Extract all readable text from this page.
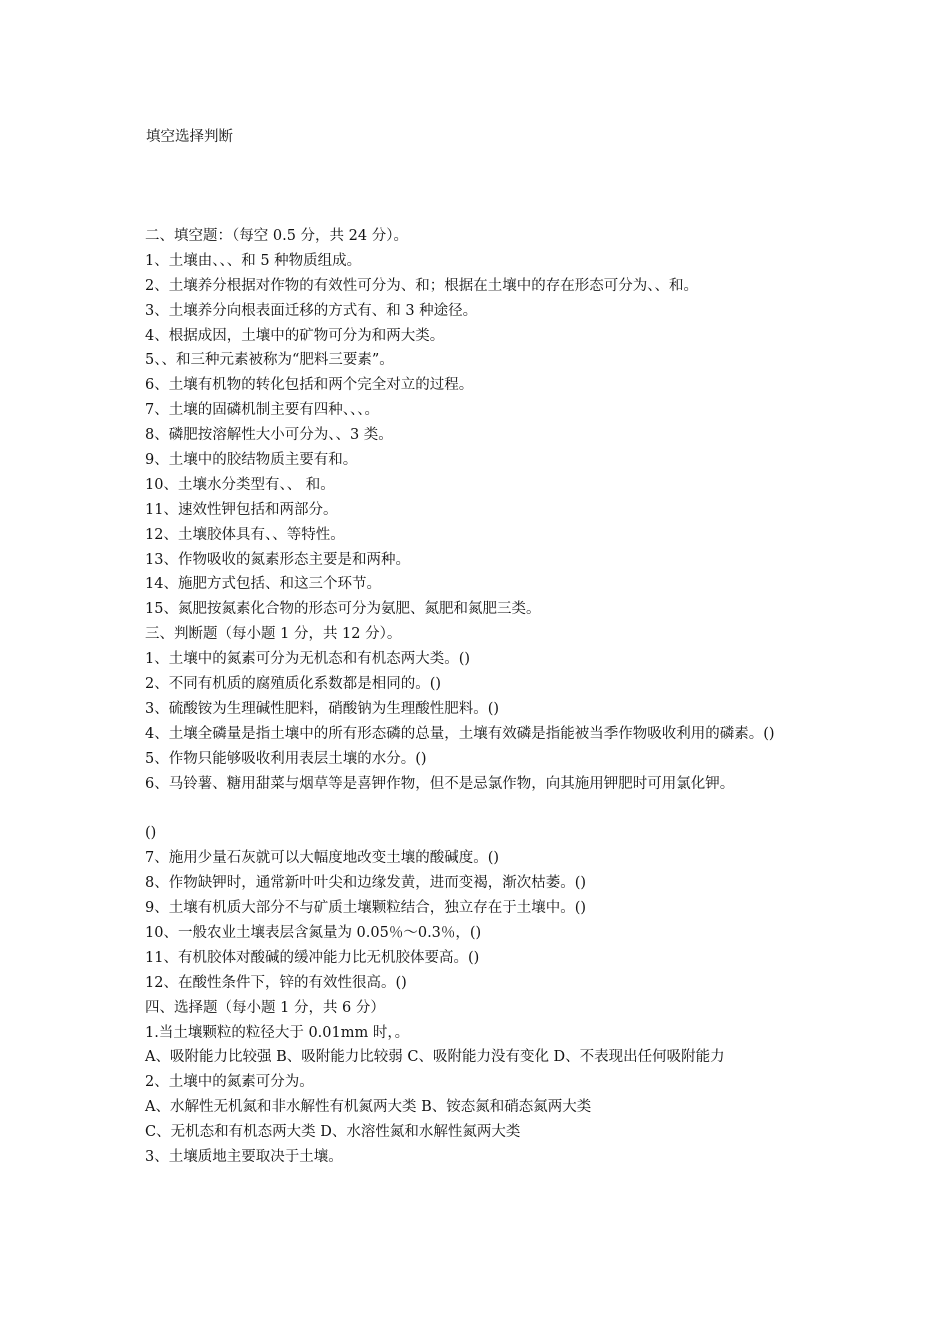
填空选择判断
二、填空题：（每空 0.5 分，共 24 分）。
1、土壤由、、、和 5 种物质组成。
2、土壤养分根据对作物的有效性可分为、和；根据在土壤中的存在形态可分为、、和。
3、土壤养分向根表面迁移的方式有、和 3 种途径。
4、根据成因，土壤中的矿物可分为和两大类。
5、、和三种元素被称为“肥料三要素”。
6、土壤有机物的转化包括和两个完全对立的过程。
7、土壤的固磷机制主要有四种、、、。
8、磷肥按溶解性大小可分为、、3 类。
9、土壤中的胶结物质主要有和。
10、土壤水分类型有、、 和。
11、速效性钾包括和两部分。
12、土壤胶体具有、、等特性。
13、作物吸收的氮素形态主要是和两种。
14、施肥方式包括、和这三个环节。
15、氮肥按氮素化合物的形态可分为氨肥、氮肥和氮肥三类。
三、判断题（每小题 1 分，共 12 分）。
1、土壤中的氮素可分为无机态和有机态两大类。()
2、不同有机质的腐殖质化系数都是相同的。()
3、硫酸铵为生理碱性肥料，硝酸钠为生理酸性肥料。()
4、土壤全磷量是指土壤中的所有形态磷的总量，土壤有效磷是指能被当季作物吸收利用的磷素。()
5、作物只能够吸收利用表层土壤的水分。()
6、马铃薯、糖用甜菜与烟草等是喜钾作物，但不是忌氯作物，向其施用钾肥时可用氯化钾。
()
7、施用少量石灰就可以大幅度地改变土壤的酸碱度。()
8、作物缺钾时，通常新叶叶尖和边缘发黄，进而变褐，渐次枯萎。()
9、土壤有机质大部分不与矿质土壤颗粒结合，独立存在于土壤中。()
10、一般农业土壤表层含氮量为 0.05％～0.3％，()
11、有机胶体对酸碱的缓冲能力比无机胶体要高。()
12、在酸性条件下，锌的有效性很高。()
四、选择题（每小题 1 分，共 6 分）
1.当土壤颗粒的粒径大于 0.01mm 时，。
A、吸附能力比较强 B、吸附能力比较弱 C、吸附能力没有变化 D、不表现出任何吸附能力
2、土壤中的氮素可分为。
A、水解性无机氮和非水解性有机氮两大类 B、铵态氮和硝态氮两大类
C、无机态和有机态两大类 D、水溶性氮和水解性氮两大类
3、土壤质地主要取决于土壤。
